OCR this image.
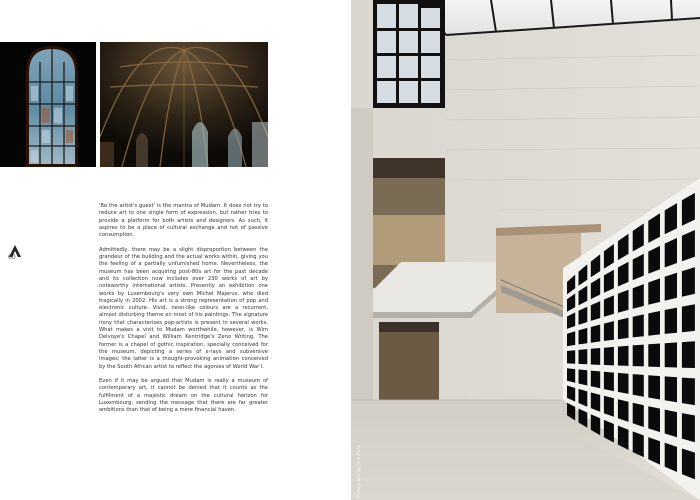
60

'Be the artist's guest' is the mantra of Mudam. It does not try to reduce art to one single form of expression, but rather tries to provide a platform for both artists and designers. As such, it aspires to be a place of cultural exchange and not of passive consumption.

Admittedly, there may be a slight disproportion between the grandeur of the building and the actual works within, giving you the feeling of a partially unfurnished home. Nevertheless, the museum has been acquiring post-80s art for the past decade and its collection now includes over 230 works of art by noteworthy international artists. Presently an exhibition one works by Luxembourg's very own Michel Majerus, who died tragically in 2002. His art is a strong representation of pop and electronic culture. Vivid, neon-like colours are a recurrent, almost disturbing theme on most of his paintings. The signature irony that characterises pop-artists is present in several works. What makes a visit to Mudam worthwhile, however, is Wim Delvoye's Chapel and William Kentridge's Zeno Writing. The former is a chapel of gothic inspiration, specially conceived for the museum, depicting a series of x-rays and subversive images; the latter is a thought-provoking animation conceived by the South African artist to reflect the agonies of World War I.

Even if it may be argued that Mudam is really a museum of contemporary art, it cannot be denied that it counts as the fulfilment of a majestic dream on the cultural horizon for Luxembourg, sending the message that there are far greater ambitions than that of being a mere financial haven.

Photographs by Jens Ziehe
